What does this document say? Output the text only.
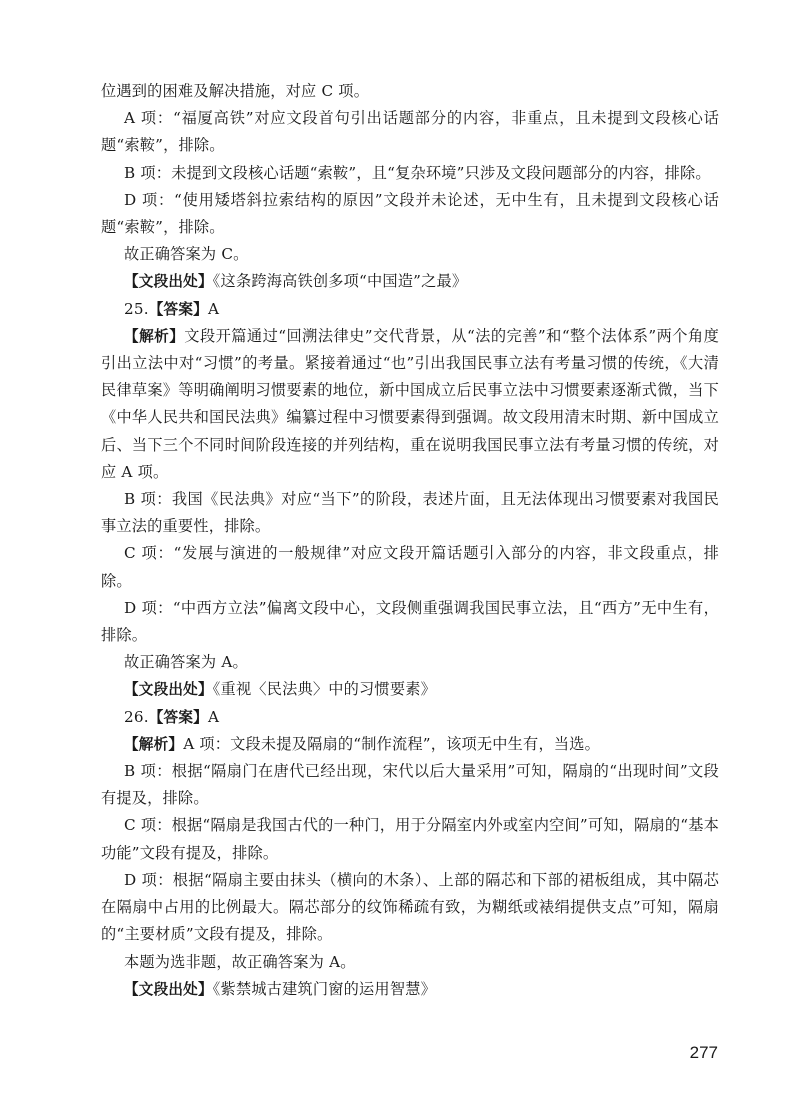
位遇到的困难及解决措施，对应 C 项。

A 项：“福厦高铁”对应文段首句引出话题部分的内容，非重点，且未提到文段核心话题“索鞍”，排除。

B 项：未提到文段核心话题“索鞍”，且“复杂环境”只涉及文段问题部分的内容，排除。

D 项：“使用矮塔斜拉索结构的原因”文段并未论述，无中生有，且未提到文段核心话题“索鞍”，排除。

故正确答案为 C。

【文段出处】《这条跨海高铁创多项“中国造”之最》

25.【答案】A

【解析】文段开篇通过“回溯法律史”交代背景，从“法的完善”和“整个法体系”两个角度引出立法中对“习惯”的考量。紧接着通过“也”引出我国民事立法有考量习惯的传统，《大清民律草案》等明确阐明习惯要素的地位，新中国成立后民事立法中习惯要素逐渐式微，当下《中华人民共和国民法典》编纂过程中习惯要素得到强调。故文段用清末时期、新中国成立后、当下三个不同时间阶段连接的并列结构，重在说明我国民事立法有考量习惯的传统，对应 A 项。

B 项：我国《民法典》对应“当下”的阶段，表述片面，且无法体现出习惯要素对我国民事立法的重要性，排除。

C 项：“发展与演进的一般规律”对应文段开篇话题引入部分的内容，非文段重点，排除。

D 项：“中西方立法”偏离文段中心，文段侧重强调我国民事立法，且“西方”无中生有，排除。

故正确答案为 A。

【文段出处】《重视〈民法典〉中的习惯要素》

26.【答案】A

【解析】A 项：文段未提及隔扇的“制作流程”，该项无中生有，当选。

B 项：根据“隔扇门在唐代已经出现，宋代以后大量采用”可知，隔扇的“出现时间”文段有提及，排除。

C 项：根据“隔扇是我国古代的一种门，用于分隔室内外或室内空间”可知，隔扇的“基本功能”文段有提及，排除。

D 项：根据“隔扇主要由抹头（横向的木条）、上部的隔芯和下部的裙板组成，其中隔芯在隔扇中占用的比例最大。隔芯部分的纹饰稀疏有致，为糊纸或裱绢提供支点”可知，隔扇的“主要材质”文段有提及，排除。

本题为选非题，故正确答案为 A。

【文段出处】《紫禁城古建筑门窗的运用智慧》

277
